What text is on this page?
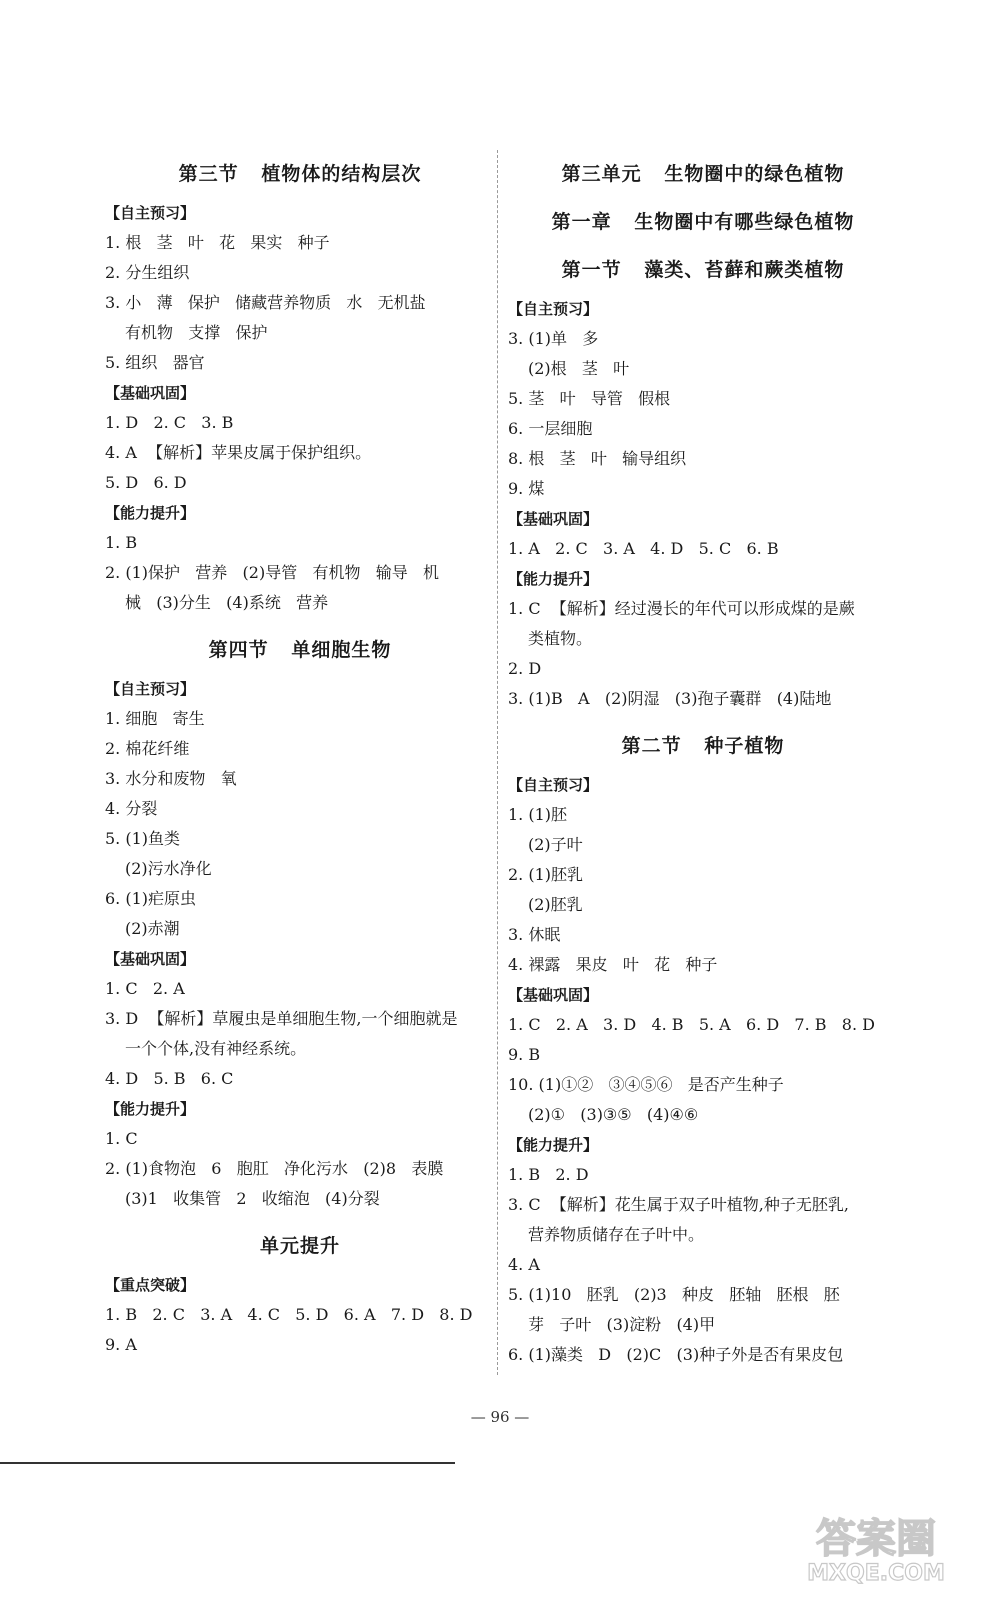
第三节   植物体的结构层次
【自主预习】
1. 根   茎   叶   花   果实   种子
2. 分生组织
3. 小   薄   保护   储藏营养物质   水   无机盐
有机物   支撑   保护
5. 组织   器官
【基础巩固】
1. D   2. C   3. B
4. A  【解析】苹果皮属于保护组织。
5. D   6. D
【能力提升】
1. B
2. (1)保护   营养   (2)导管   有机物   输导   机
械   (3)分生   (4)系统   营养
第四节   单细胞生物
【自主预习】
1. 细胞   寄生
2. 棉花纤维
3. 水分和废物   氧
4. 分裂
5. (1)鱼类
(2)污水净化
6. (1)疟原虫
(2)赤潮
【基础巩固】
1. C   2. A
3. D  【解析】草履虫是单细胞生物,一个细胞就是
一个个体,没有神经系统。
4. D   5. B   6. C
【能力提升】
1. C
2. (1)食物泡   6   胞肛   净化污水   (2)8   表膜
(3)1   收集管   2   收缩泡   (4)分裂
单元提升
【重点突破】
1. B   2. C   3. A   4. C   5. D   6. A   7. D   8. D
9. A
第三单元   生物圈中的绿色植物
第一章   生物圈中有哪些绿色植物
第一节   藻类、苔藓和蕨类植物
【自主预习】
3. (1)单   多
(2)根   茎   叶
5. 茎   叶   导管   假根
6. 一层细胞
8. 根   茎   叶   输导组织
9. 煤
【基础巩固】
1. A   2. C   3. A   4. D   5. C   6. B
【能力提升】
1. C  【解析】经过漫长的年代可以形成煤的是蕨
类植物。
2. D
3. (1)B   A   (2)阴湿   (3)孢子囊群   (4)陆地
第二节   种子植物
【自主预习】
1. (1)胚
(2)子叶
2. (1)胚乳
(2)胚乳
3. 休眠
4. 裸露   果皮   叶   花   种子
【基础巩固】
1. C   2. A   3. D   4. B   5. A   6. D   7. B   8. D
9. B
10. (1)①②   ③④⑤⑥   是否产生种子
(2)①   (3)③⑤   (4)④⑥
【能力提升】
1. B   2. D
3. C  【解析】花生属于双子叶植物,种子无胚乳,
营养物质储存在子叶中。
4. A
5. (1)10   胚乳   (2)3   种皮   胚轴   胚根   胚
芽   子叶   (3)淀粉   (4)甲
6. (1)藻类   D   (2)C   (3)种子外是否有果皮包
— 96 —
答案圈
MXQE.COM
